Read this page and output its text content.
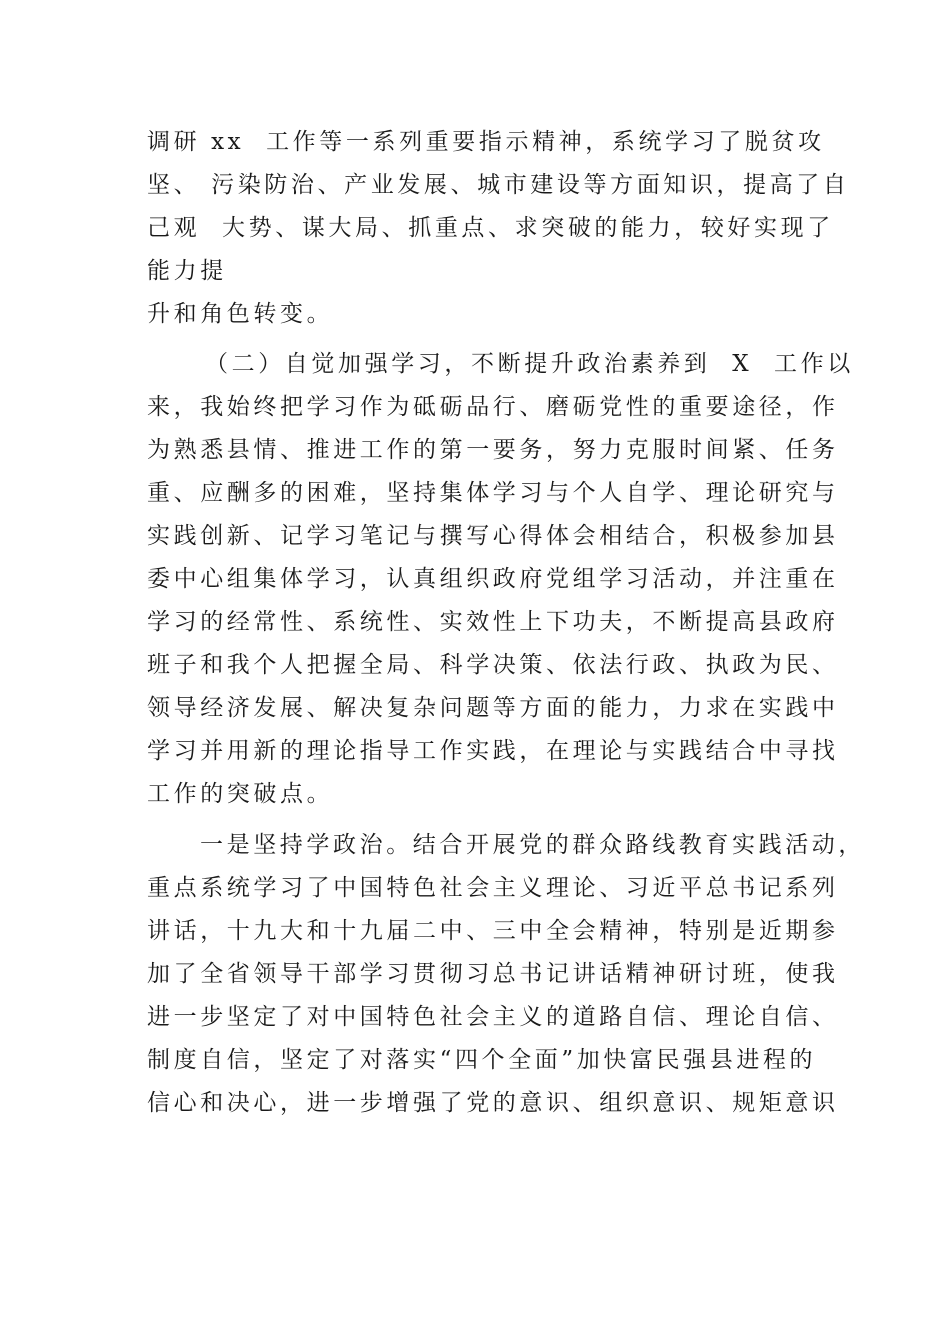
调研 xx  工作等一系列重要指示精神，系统学习了脱贫攻
坚、 污染防治、产业发展、城市建设等方面知识，提高了自
己观  大势、谋大局、抓重点、求突破的能力，较好实现了
能力提
升和角色转变。
（二）自觉加强学习，不断提升政治素养到  X  工作以
来，我始终把学习作为砥砺品行、磨砺党性的重要途径，作
为熟悉县情、推进工作的第一要务，努力克服时间紧、任务
重、应酬多的困难，坚持集体学习与个人自学、理论研究与
实践创新、记学习笔记与撰写心得体会相结合，积极参加县
委中心组集体学习，认真组织政府党组学习活动，并注重在
学习的经常性、系统性、实效性上下功夫，不断提高县政府
班子和我个人把握全局、科学决策、依法行政、执政为民、
领导经济发展、解决复杂问题等方面的能力，力求在实践中
学习并用新的理论指导工作实践，在理论与实践结合中寻找
工作的突破点。
一是坚持学政治。结合开展党的群众路线教育实践活动，
重点系统学习了中国特色社会主义理论、习近平总书记系列
讲话，十九大和十九届二中、三中全会精神，特别是近期参
加了全省领导干部学习贯彻习总书记讲话精神研讨班，使我
进一步坚定了对中国特色社会主义的道路自信、理论自信、
制度自信，坚定了对落实“四个全面”加快富民强县进程的
信心和决心，进一步增强了党的意识、组织意识、规矩意识
